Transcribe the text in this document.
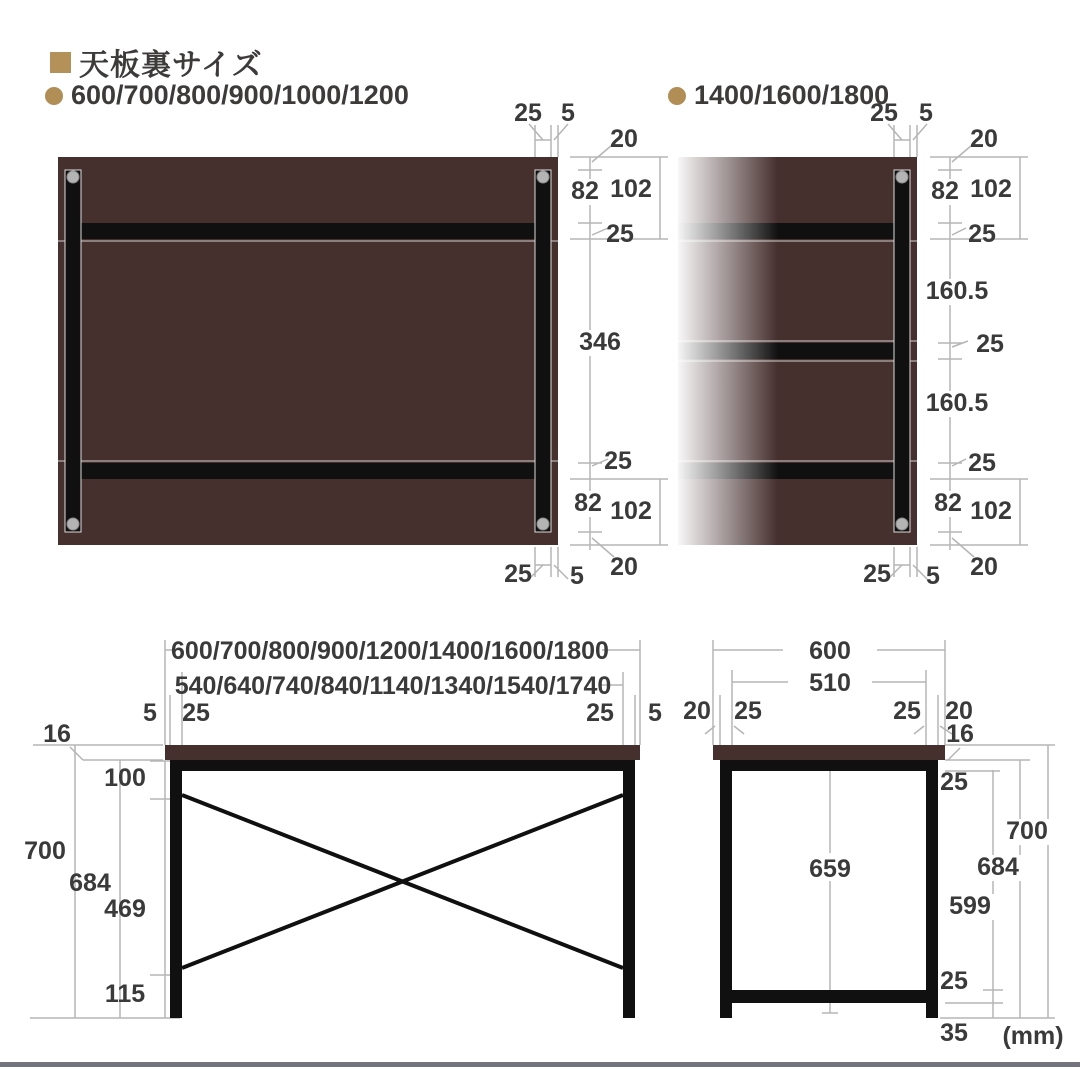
天板裏サイズ
600/700/800/900/1000/1200	1400/1600/1800
25 5
20
82 102
25
346
25
82 102
20
25 5
25 5
20
82 102
25
160.5
25
160.5
25
82 102
20
25 5
600/700/800/900/1200/1400/1600/1800
540/640/740/840/1140/1340/1540/1740
5 25	25 5
16
700
684
100
469
115
600
510
20 25	25 20
16
659
25
599
684
700
25
35 (mm)
